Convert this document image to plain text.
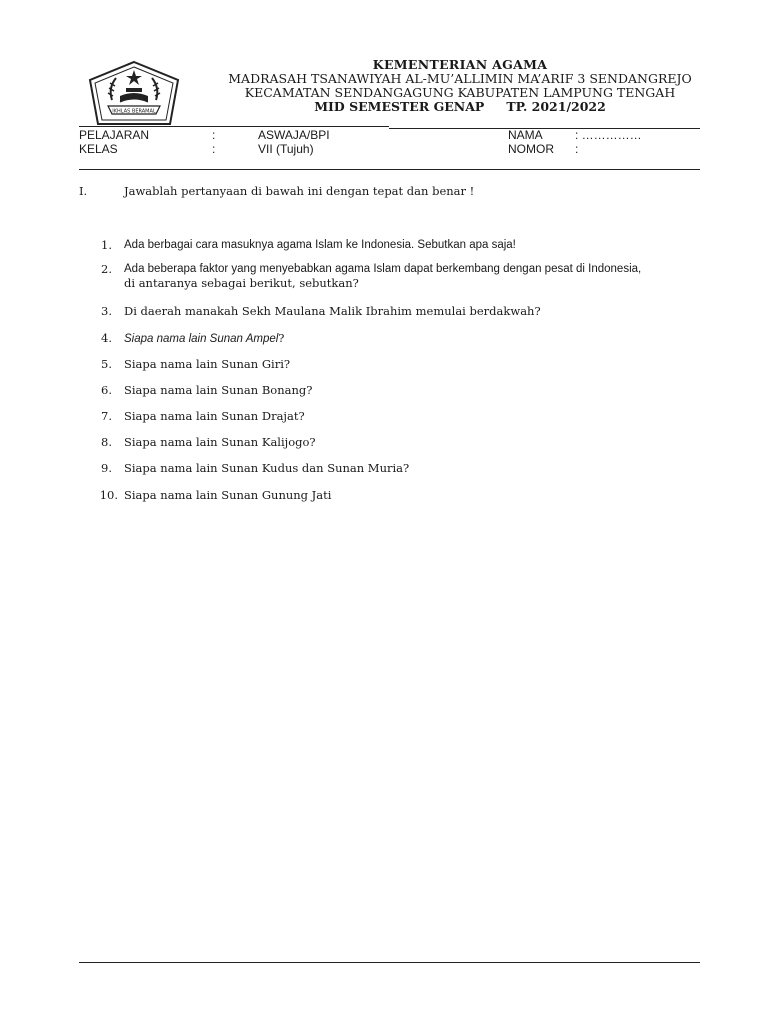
IKHLAS BERAMAL
KEMENTERIAN AGAMA
MADRASAH TSANAWIYAH AL-MU’ALLIMIN MA’ARIF 3 SENDANGREJO
KECAMATAN SENDANGAGUNG KABUPATEN LAMPUNG TENGAH
MID SEMESTER GENAP TP. 2021/2022
PELAJARAN	:	ASWAJA/BPI	NAMA	: ……………
KELAS	:	VII (Tujuh)	NOMOR :
I.	Jawablah pertanyaan di bawah ini dengan tepat dan benar !
1. Ada berbagai cara masuknya agama Islam ke Indonesia. Sebutkan apa saja!
2. Ada beberapa faktor yang menyebabkan agama Islam dapat berkembang dengan pesat di Indonesia,
di antaranya sebagai berikut, sebutkan?
3. Di daerah manakah Sekh Maulana Malik Ibrahim memulai berdakwah?
4. Siapa nama lain Sunan Ampel?
5. Siapa nama lain Sunan Giri?
6. Siapa nama lain Sunan Bonang?
7. Siapa nama lain Sunan Drajat?
8. Siapa nama lain Sunan Kalijogo?
9. Siapa nama lain Sunan Kudus dan Sunan Muria?
10. Siapa nama lain Sunan Gunung Jati
